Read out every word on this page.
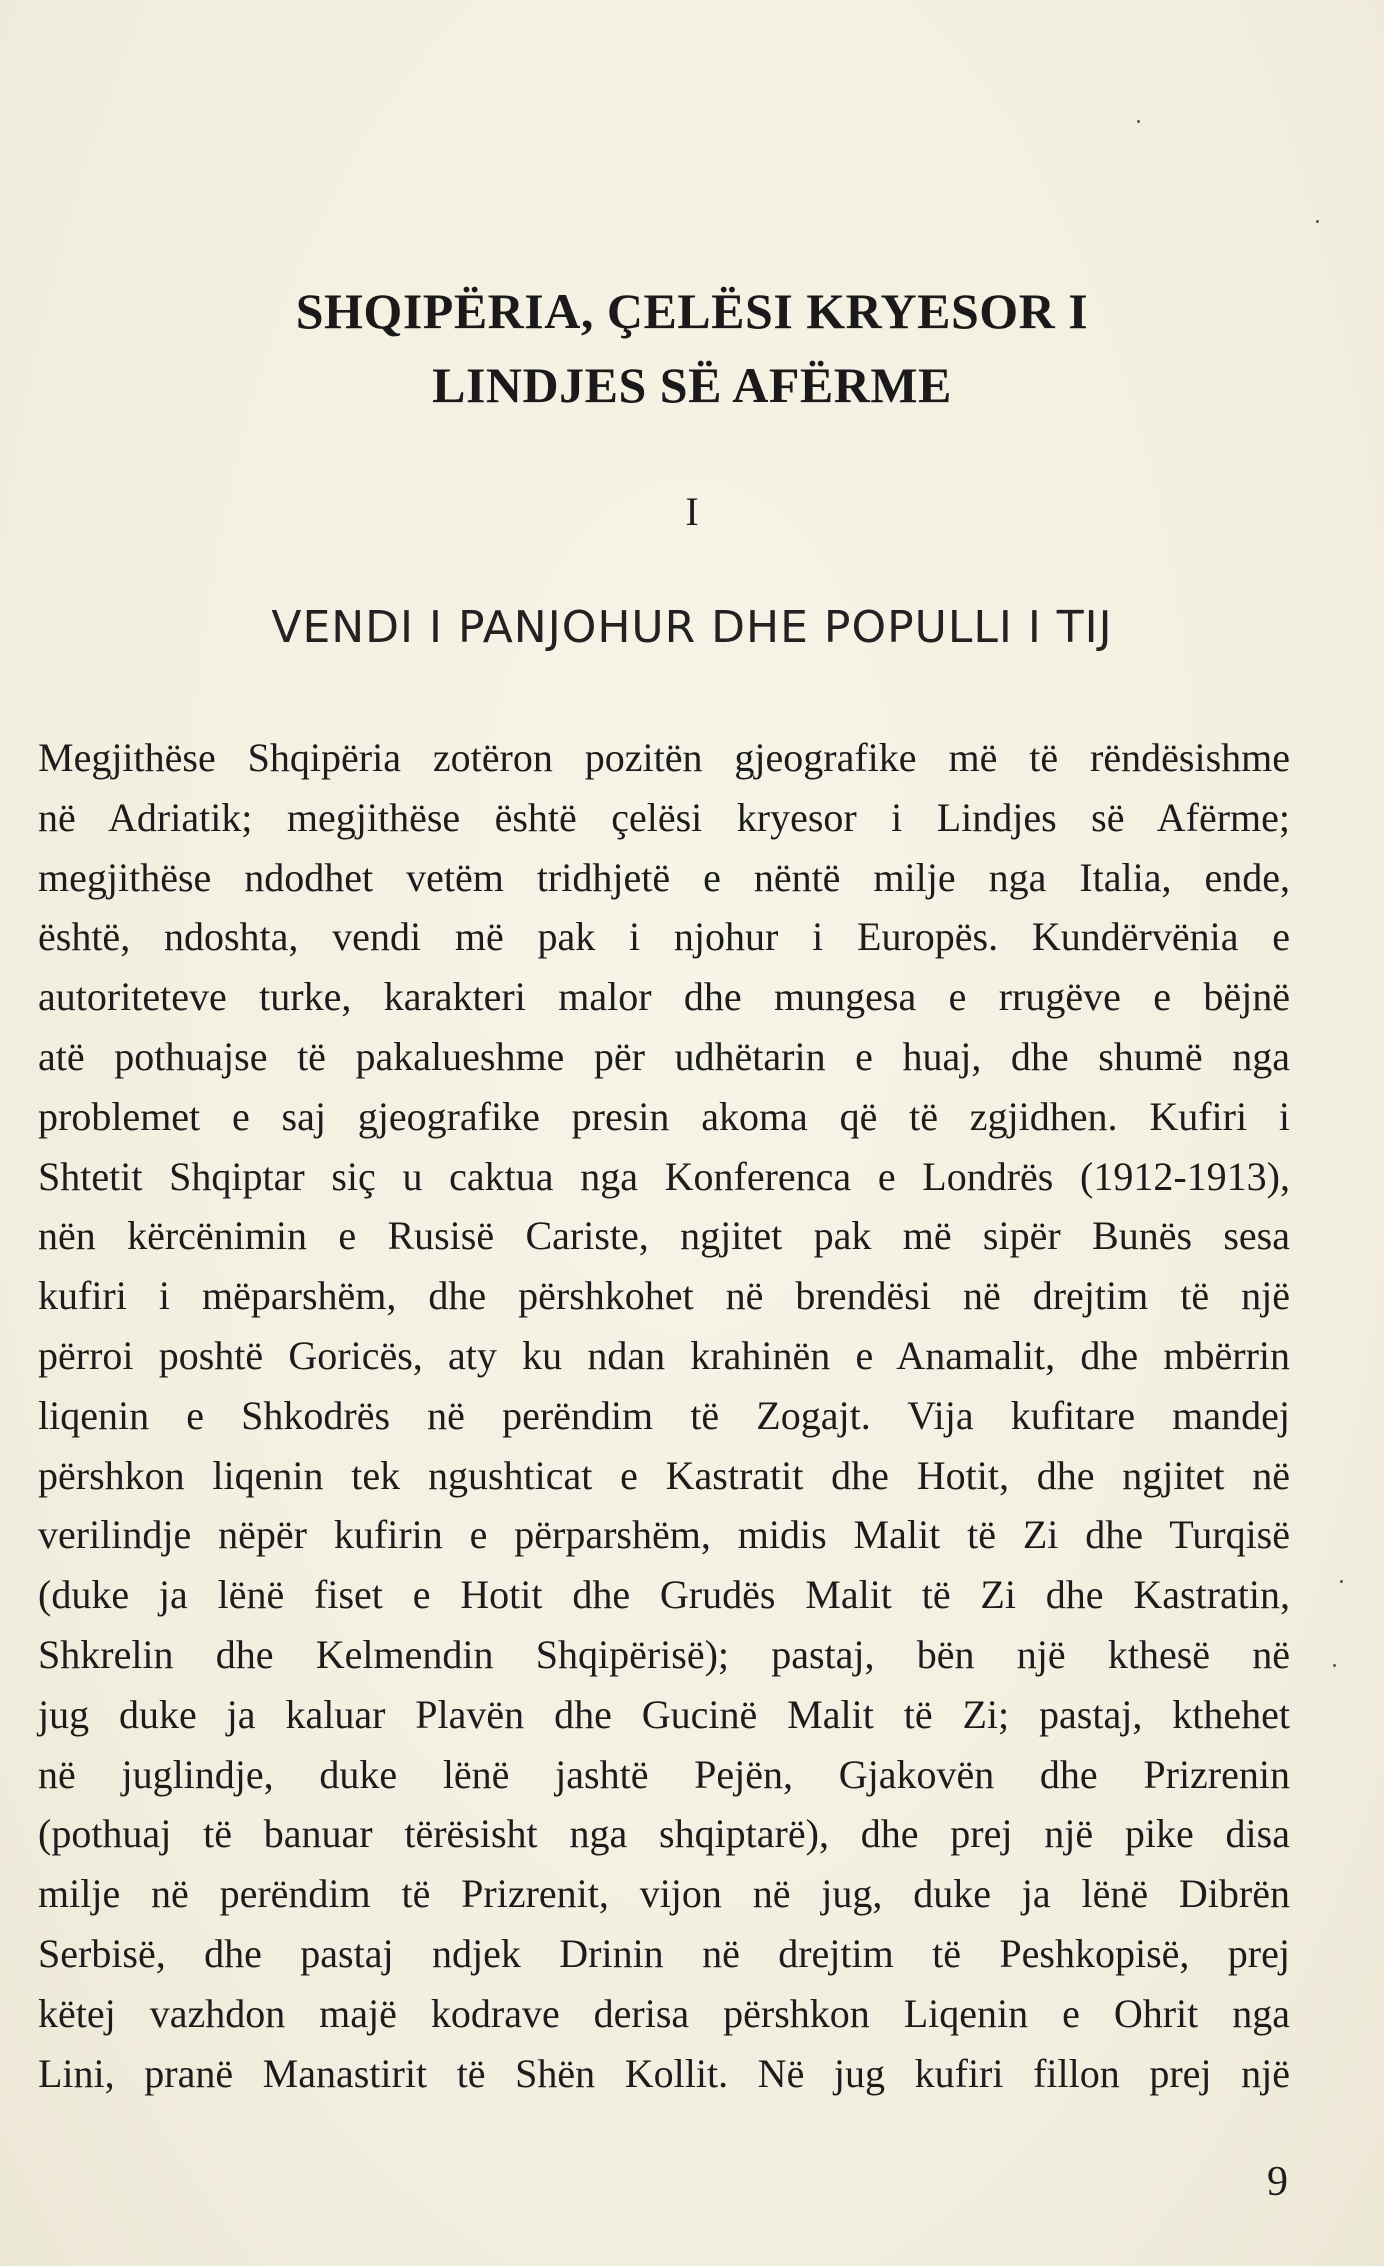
SHQIPËRIA, ÇELËSI KRYESOR I
LINDJES SË AFËRME
I
VENDI I PANJOHUR DHE POPULLI I TIJ
Megjithëse Shqipëria zotëron pozitën gjeografike më të rëndësishme
në Adriatik; megjithëse është çelësi kryesor i Lindjes së Afërme;
megjithëse ndodhet vetëm tridhjetë e nëntë milje nga Italia, ende,
është, ndoshta, vendi më pak i njohur i Europës. Kundërvënia e
autoriteteve turke, karakteri malor dhe mungesa e rrugëve e bëjnë
atë pothuajse të pakalueshme për udhëtarin e huaj, dhe shumë nga
problemet e saj gjeografike presin akoma që të zgjidhen. Kufiri i
Shtetit Shqiptar siç u caktua nga Konferenca e Londrës (1912-1913),
nën kërcënimin e Rusisë Cariste, ngjitet pak më sipër Bunës sesa
kufiri i mëparshëm, dhe përshkohet në brendësi në drejtim të një
përroi poshtë Goricës, aty ku ndan krahinën e Anamalit, dhe mbërrin
liqenin e Shkodrës në perëndim të Zogajt. Vija kufitare mandej
përshkon liqenin tek ngushticat e Kastratit dhe Hotit, dhe ngjitet në
verilindje nëpër kufirin e përparshëm, midis Malit të Zi dhe Turqisë
(duke ja lënë fiset e Hotit dhe Grudës Malit të Zi dhe Kastratin,
Shkrelin dhe Kelmendin Shqipërisë); pastaj, bën një kthesë në
jug duke ja kaluar Plavën dhe Gucinë Malit të Zi; pastaj, kthehet
në juglindje, duke lënë jashtë Pejën, Gjakovën dhe Prizrenin
(pothuaj të banuar tërësisht nga shqiptarë), dhe prej një pike disa
milje në perëndim të Prizrenit, vijon në jug, duke ja lënë Dibrën
Serbisë, dhe pastaj ndjek Drinin në drejtim të Peshkopisë, prej
këtej vazhdon majë kodrave derisa përshkon Liqenin e Ohrit nga
Lini, pranë Manastirit të Shën Kollit. Në jug kufiri fillon prej një
9
